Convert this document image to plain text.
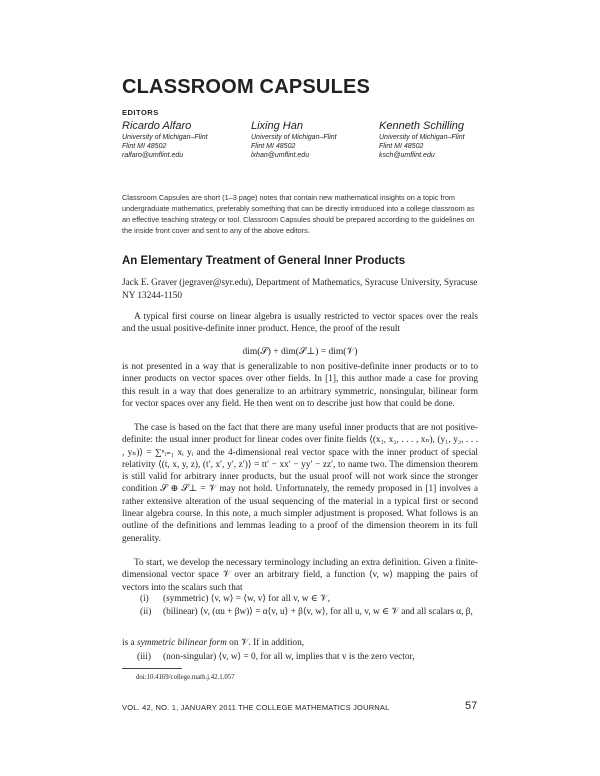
CLASSROOM CAPSULES
EDITORS
Ricardo Alfaro
University of Michigan–Flint
Flint MI 48502
ralfaro@umflint.edu
Lixing Han
University of Michigan–Flint
Flint MI 48502
lxhan@umflint.edu
Kenneth Schilling
University of Michigan–Flint
Flint MI 48502
ksch@umflint.edu
Classroom Capsules are short (1–3 page) notes that contain new mathematical insights on a topic from undergraduate mathematics, preferably something that can be directly introduced into a college classroom as an effective teaching strategy or tool. Classroom Capsules should be prepared according to the guidelines on the inside front cover and sent to any of the above editors.
An Elementary Treatment of General Inner Products
Jack E. Graver (jegraver@syr.edu), Department of Mathematics, Syracuse University, Syracuse NY 13244-1150
A typical first course on linear algebra is usually restricted to vector spaces over the reals and the usual positive-definite inner product. Hence, the proof of the result
dim(𝒮) + dim(𝒮⊥) = dim(𝒱)
is not presented in a way that is generalizable to non positive-definite inner products or to to inner products on vector spaces over other fields. In [1], this author made a case for proving this result in a way that does generalize to an arbitrary symmetric, nonsingular, bilinear form for vector spaces over any field. He then went on to describe just how that could be done.
The case is based on the fact that there are many useful inner products that are not positive-definite: the usual inner product for linear codes over finite fields ⟨(x₁, x₂, . . . , xₙ), (y₁, y₂, . . . , yₙ)⟩ = ∑ⁿᵢ₌₁ xᵢ yᵢ and the 4-dimensional real vector space with the inner product of special relativity ⟨(t, x, y, z), (t′, x′, y′, z′)⟩ = tt′ − xx′ − yy′ − zz′, to name two. The dimension theorem is still valid for arbitrary inner products, but the usual proof will not work since the stronger condition 𝒮 ⊕ 𝒮⊥ = 𝒱 may not hold. Unfortunately, the remedy proposed in [1] involves a rather extensive alteration of the usual sequencing of the material in a typical first or second linear algebra course. In this note, a much simpler adjustment is proposed. What follows is an outline of the definitions and lemmas leading to a proof of the dimension theorem in its full generality.
To start, we develop the necessary terminology including an extra definition. Given a finite-dimensional vector space 𝒱 over an arbitrary field, a function ⟨v, w⟩ mapping the pairs of vectors into the scalars such that
(i) (symmetric) ⟨v, w⟩ = ⟨w, v⟩ for all v, w ∈ 𝒱,
(ii) (bilinear) ⟨v, (αu + βw)⟩ = α⟨v, u⟩ + β⟨v, w⟩, for all u, v, w ∈ 𝒱 and all scalars α, β,
is a symmetric bilinear form on 𝒱. If in addition,
(iii) (non-singular) ⟨v, w⟩ = 0, for all w, implies that v is the zero vector,
doi:10.4169/college.math.j.42.1.057
VOL. 42, NO. 1, JANUARY 2011 THE COLLEGE MATHEMATICS JOURNAL	57
